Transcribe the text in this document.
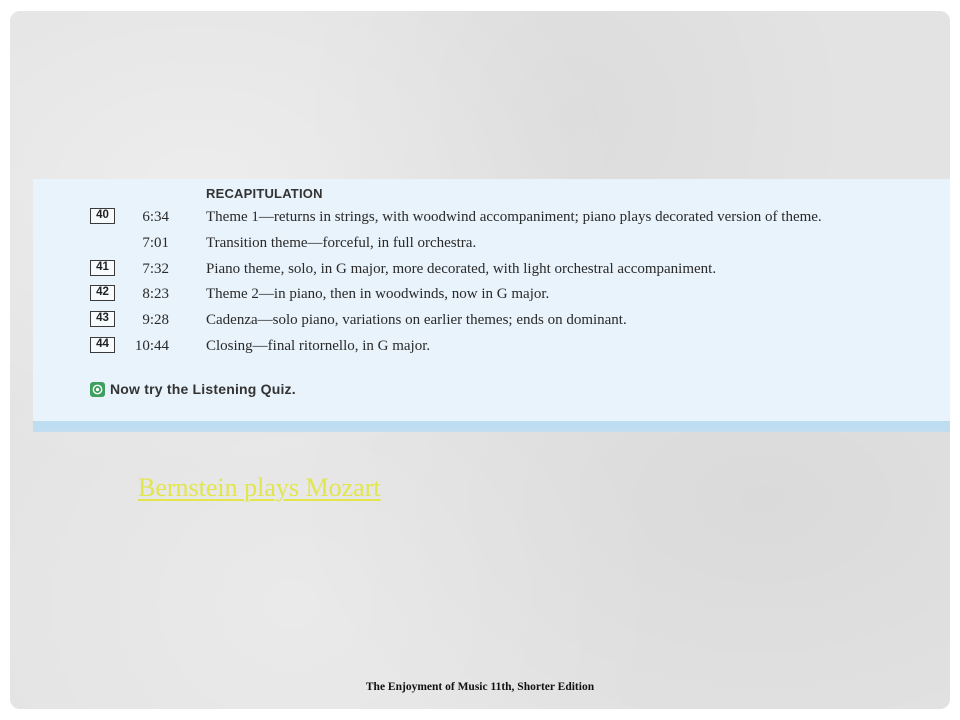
RECAPITULATION
40	6:34 Theme 1—returns in strings, with woodwind accompaniment; piano plays decorated version of theme.
7:01 Transition theme—forceful, in full orchestra.
41	7:32 Piano theme, solo, in G major, more decorated, with light orchestral accompaniment.
42	8:23 Theme 2—in piano, then in woodwinds, now in G major.
43	9:28 Cadenza—solo piano, variations on earlier themes; ends on dominant.
44	10:44 Closing—final ritornello, in G major.
Now try the Listening Quiz.
Bernstein plays Mozart
The Enjoyment of Music 11th, Shorter Edition
